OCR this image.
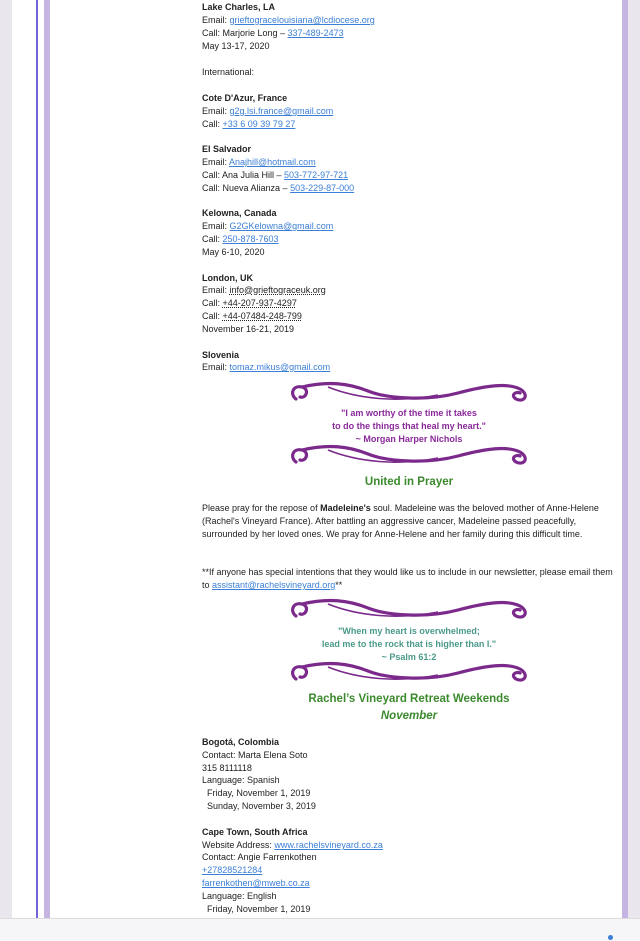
Lake Charles, LA
Email: grieftogracelouisiana@lcdiocese.org
Call: Marjorie Long – 337-489-2473
May 13-17, 2020
International:
Cote D'Azur, France
Email: g2g.lsi.france@gmail.com
Call: +33 6 09 39 79 27
El Salvador
Email: Anajhill@hotmail.com
Call: Ana Julia Hill – 503-772-97-721
Call: Nueva Alianza – 503-229-87-000
Kelowna, Canada
Email: G2GKelowna@gmail.com
Call: 250-878-7603
May 6-10, 2020
London, UK
Email: info@grieftograceuk.org
Call: +44-207-937-4297
Call: +44-07484-248-799
November 16-21, 2019
Slovenia
Email: tomaz.mikus@gmail.com
"I am worthy of the time it takes
to do the things that heal my heart."
~ Morgan Harper Nichols
United in Prayer
Please pray for the repose of Madeleine's soul. Madeleine was the beloved mother of Anne-Helene (Rachel's Vineyard France). After battling an aggressive cancer, Madeleine passed peacefully, surrounded by her loved ones. We pray for Anne-Helene and her family during this difficult time.
**If anyone has special intentions that they would like us to include in our newsletter, please email them to assistant@rachelsvineyard.org**
"When my heart is overwhelmed;
lead me to the rock that is higher than I."
~ Psalm 61:2
Rachel’s Vineyard Retreat Weekends
November
Bogotá, Colombia
Contact: Marta Elena Soto
315 8111118
Language: Spanish
Friday, November 1, 2019
Sunday, November 3, 2019
Cape Town, South Africa
Website Address: www.rachelsvineyard.co.za
Contact: Angie Farrenkothen
+27828521284
farrenkothen@mweb.co.za
Language: English
Friday, November 1, 2019
